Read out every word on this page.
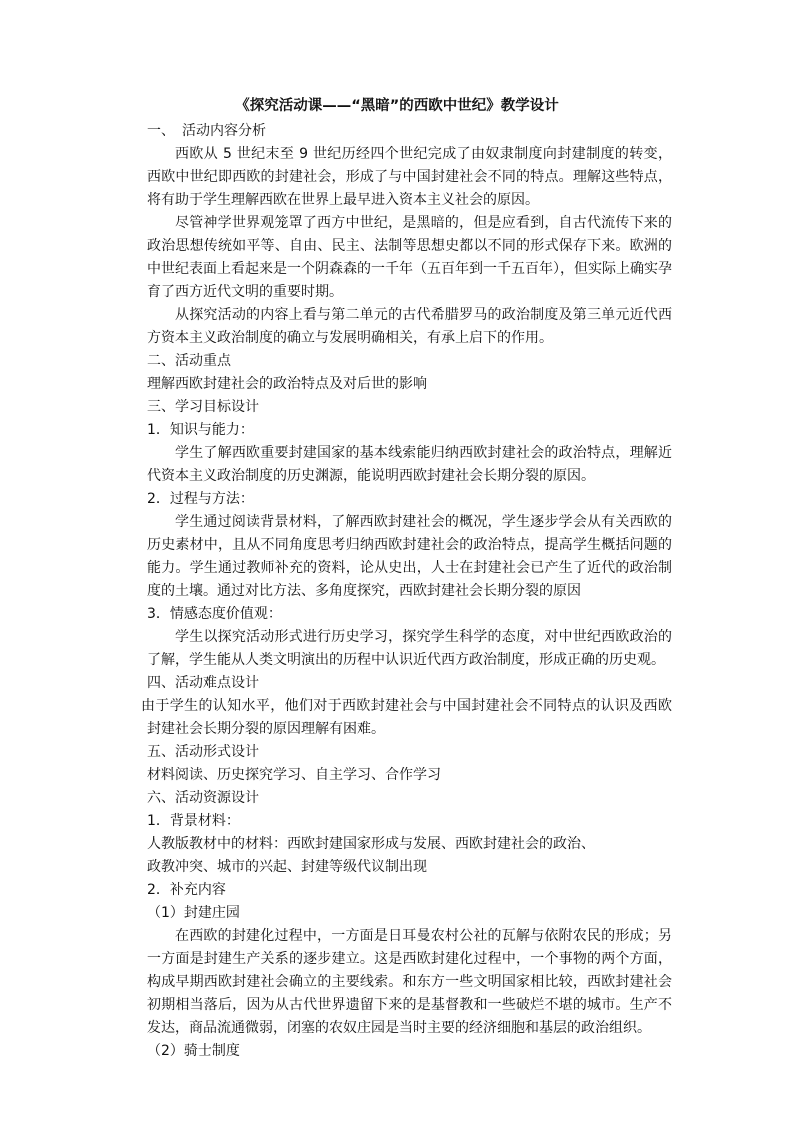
《探究活动课——“黑暗”的西欧中世纪》教学设计
一、　活动内容分析

西欧从 5 世纪末至 9 世纪历经四个世纪完成了由奴隶制度向封建制度的转变，西欧中世纪即西欧的封建社会，形成了与中国封建社会不同的特点。理解这些特点，将有助于学生理解西欧在世界上最早进入资本主义社会的原因。

尽管神学世界观笼罩了西方中世纪，是黑暗的，但是应看到，自古代流传下来的政治思想传统如平等、自由、民主、法制等思想史都以不同的形式保存下来。欧洲的中世纪表面上看起来是一个阴森森的一千年（五百年到一千五百年），但实际上确实孕育了西方近代文明的重要时期。

从探究活动的内容上看与第二单元的古代希腊罗马的政治制度及第三单元近代西方资本主义政治制度的确立与发展明确相关，有承上启下的作用。

二、活动重点

理解西欧封建社会的政治特点及对后世的影响

三、学习目标设计
1．知识与能力：

学生了解西欧重要封建国家的基本线索能归纳西欧封建社会的政治特点，理解近代资本主义政治制度的历史渊源，能说明西欧封建社会长期分裂的原因。

2．过程与方法：

学生通过阅读背景材料，了解西欧封建社会的概况，学生逐步学会从有关西欧的历史素材中，且从不同角度思考归纳西欧封建社会的政治特点，提高学生概括问题的能力。学生通过教师补充的资料，论从史出，人士在封建社会已产生了近代的政治制度的土壤。通过对比方法、多角度探究，西欧封建社会长期分裂的原因

3．情感态度价值观：

学生以探究活动形式进行历史学习，探究学生科学的态度，对中世纪西欧政治的了解，学生能从人类文明演出的历程中认识近代西方政治制度，形成正确的历史观。

四、活动难点设计

由于学生的认知水平，他们对于西欧封建社会与中国封建社会不同特点的认识及西欧封建社会长期分裂的原因理解有困难。

五、活动形式设计

材料阅读、历史探究学习、自主学习、合作学习

六、活动资源设计
1．背景材料：

人教版教材中的材料：西欧封建国家形成与发展、西欧封建社会的政治、

政教冲突、城市的兴起、封建等级代议制出现

2．补充内容
（1）封建庄园

在西欧的封建化过程中，一方面是日耳曼农村公社的瓦解与依附农民的形成；另一方面是封建生产关系的逐步建立。这是西欧封建化过程中，一个事物的两个方面，构成早期西欧封建社会确立的主要线索。和东方一些文明国家相比较，西欧封建社会初期相当落后，因为从古代世界遗留下来的是基督教和一些破烂不堪的城市。生产不发达，商品流通微弱，闭塞的农奴庄园是当时主要的经济细胞和基层的政治组织。

（2）骑士制度
